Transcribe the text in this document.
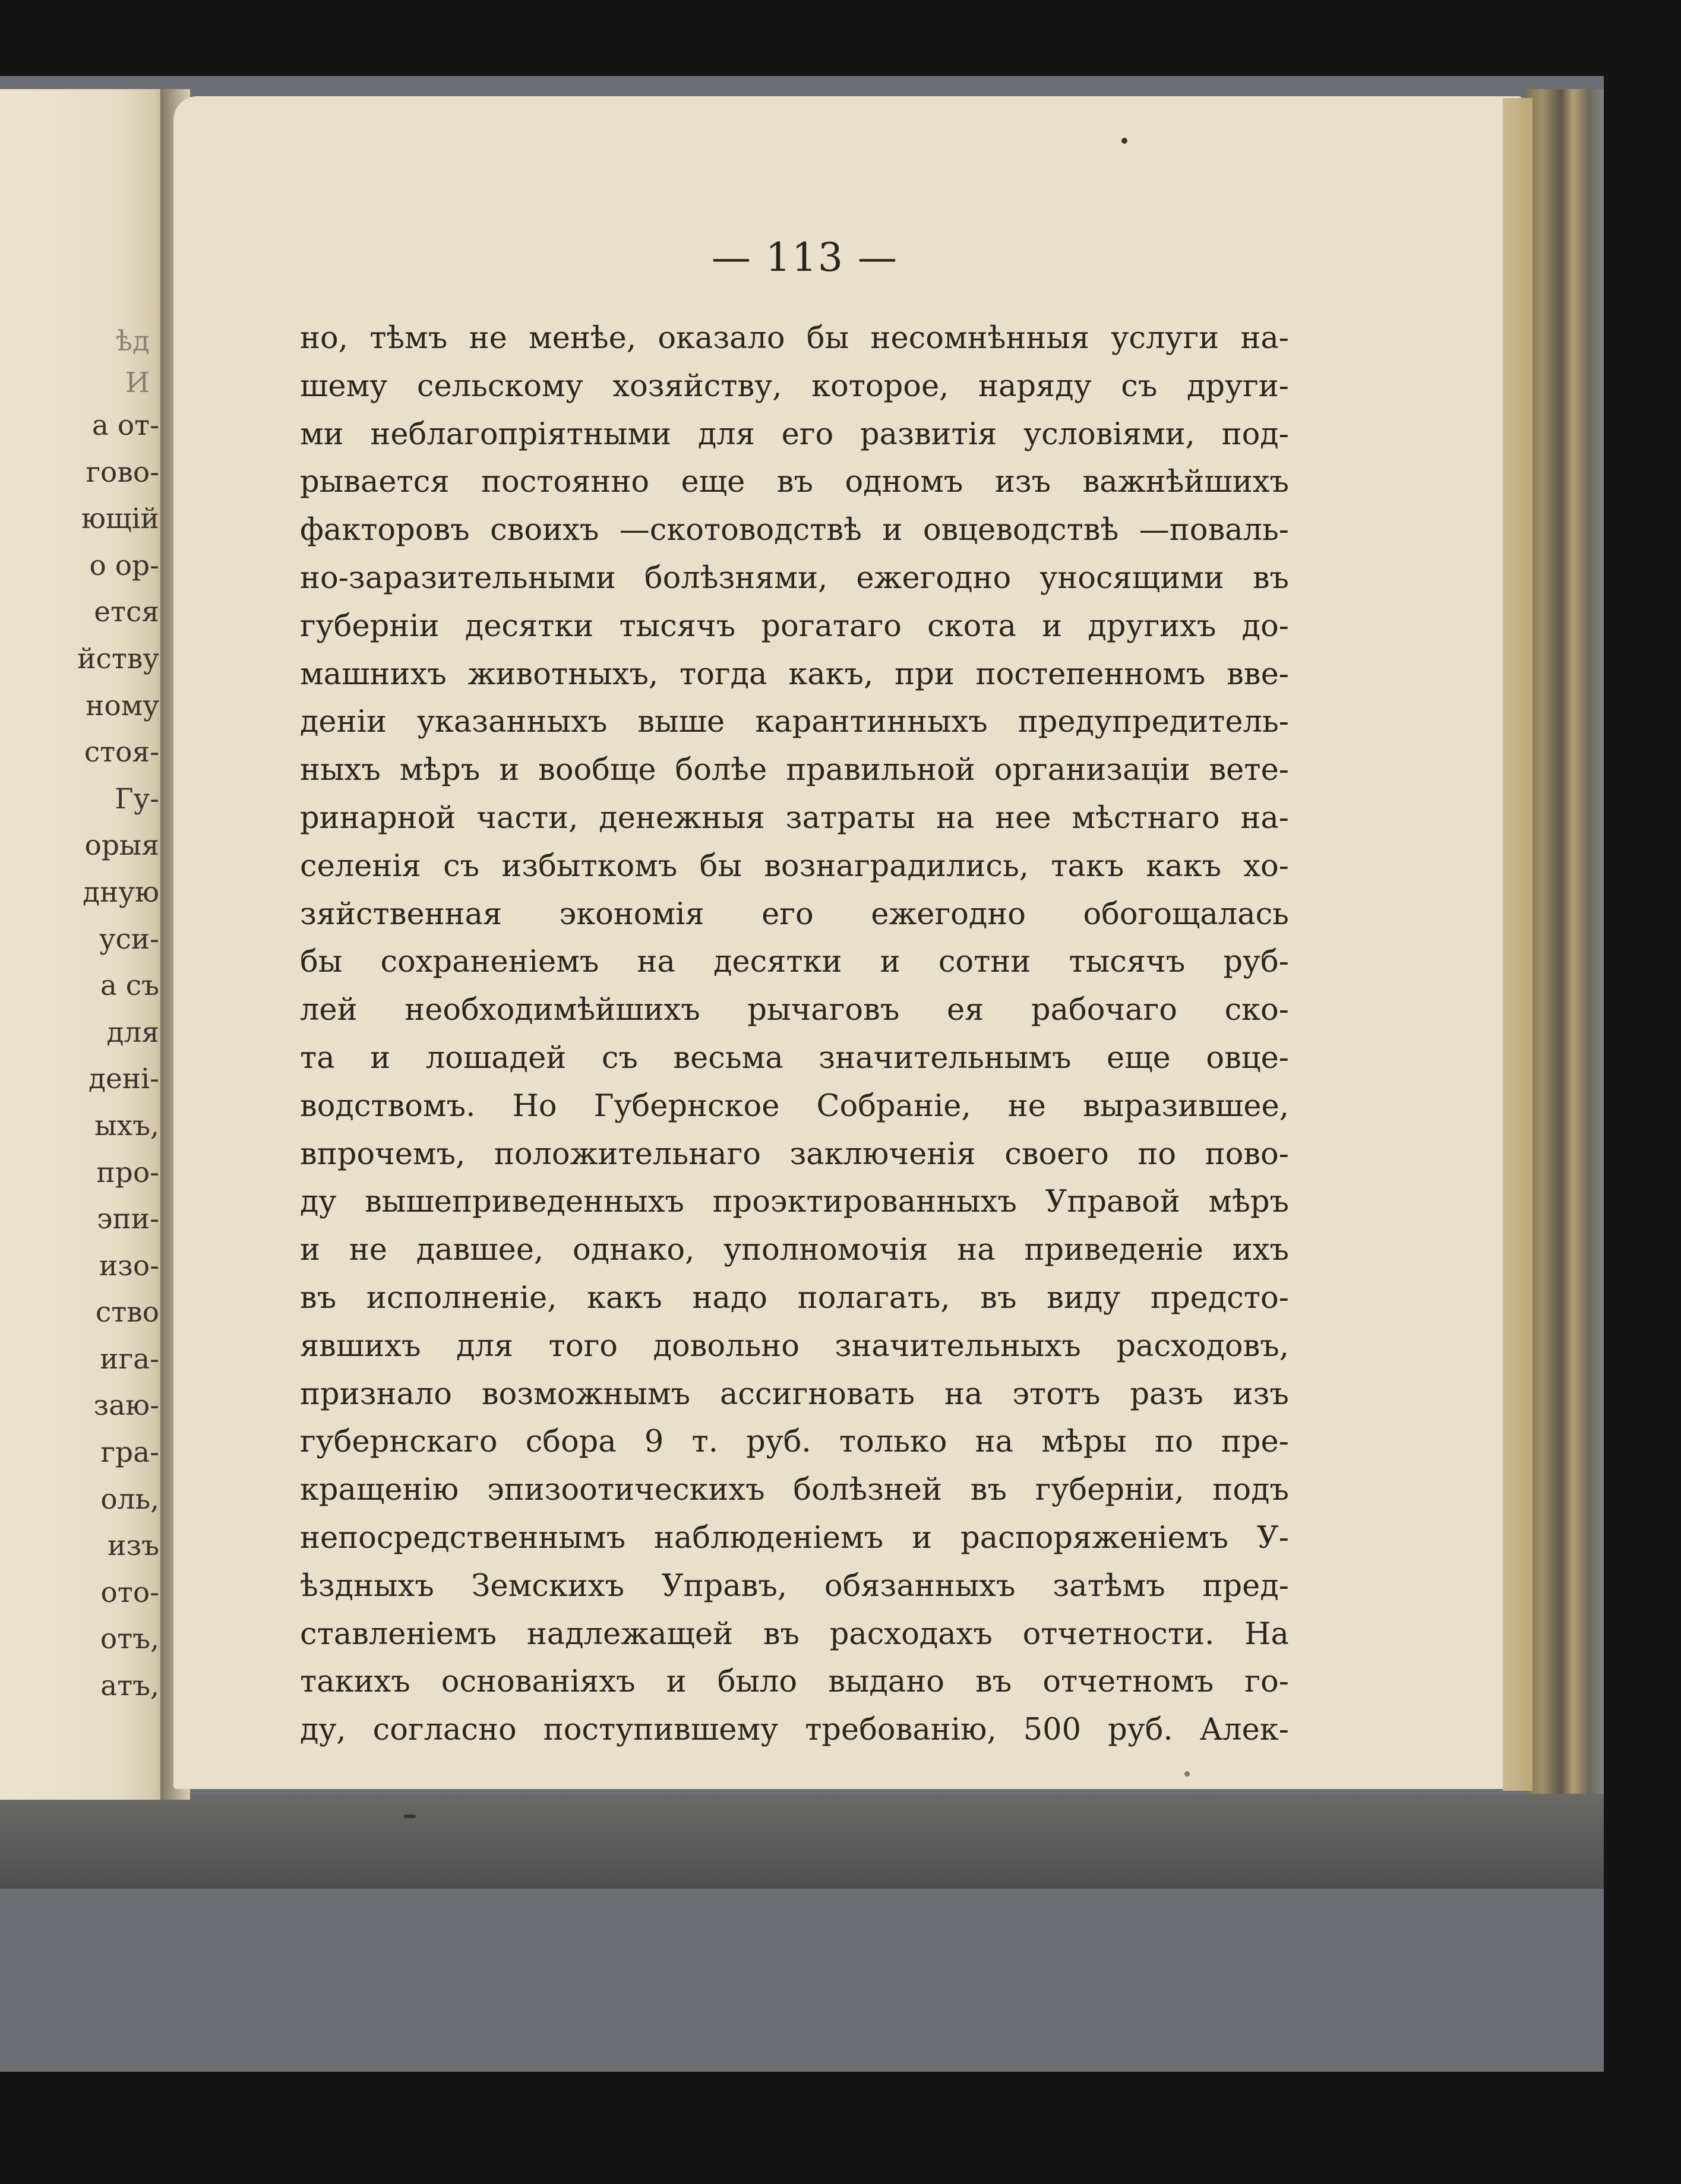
ѣд
И
а от-
гово-
ющій
о ор-
ется
йству
ному
стоя-
Гу-
орыя
дную
уси-
а съ
для
дені-
ыхъ,
про-
эпи-
изо-
ство
ига-
заю-
гра-
оль,
изъ
ото-
отъ,
атъ,
— 113 —
но, тѣмъ не менѣе, оказало бы несомнѣнныя услуги на-
шему сельскому хозяйству, которое, наряду съ други-
ми неблагопріятными для его развитія условіями, под-
рывается постоянно еще въ одномъ изъ важнѣйшихъ
факторовъ своихъ —скотоводствѣ и овцеводствѣ —поваль-
но-заразительными болѣзнями, ежегодно уносящими въ
губерніи десятки тысячъ рогатаго скота и другихъ до-
машнихъ животныхъ, тогда какъ, при постепенномъ вве-
деніи указанныхъ выше карантинныхъ предупредитель-
ныхъ мѣръ и вообще болѣе правильной организаціи вете-
ринарной части, денежныя затраты на нее мѣстнаго на-
селенія съ избыткомъ бы вознаградились, такъ какъ хо-
зяйственная экономія его ежегодно обогощалась
бы сохраненіемъ на десятки и сотни тысячъ руб-
лей необходимѣйшихъ рычаговъ ея рабочаго ско-
та и лошадей съ весьма значительнымъ еще овце-
водствомъ. Но Губернское Собраніе, не выразившее,
впрочемъ, положительнаго заключенія своего по пово-
ду вышеприведенныхъ проэктированныхъ Управой мѣръ
и не давшее, однако, уполномочія на приведеніе ихъ
въ исполненіе, какъ надо полагать, въ виду предсто-
явшихъ для того довольно значительныхъ расходовъ,
признало возможнымъ ассигновать на этотъ разъ изъ
губернскаго сбора 9 т. руб. только на мѣры по пре-
кращенію эпизоотическихъ болѣзней въ губерніи, подъ
непосредственнымъ наблюденіемъ и распоряженіемъ У-
ѣздныхъ Земскихъ Управъ, обязанныхъ затѣмъ пред-
ставленіемъ надлежащей въ расходахъ отчетности. На
такихъ основаніяхъ и было выдано въ отчетномъ го-
ду, согласно поступившему требованію, 500 руб. Алек-
